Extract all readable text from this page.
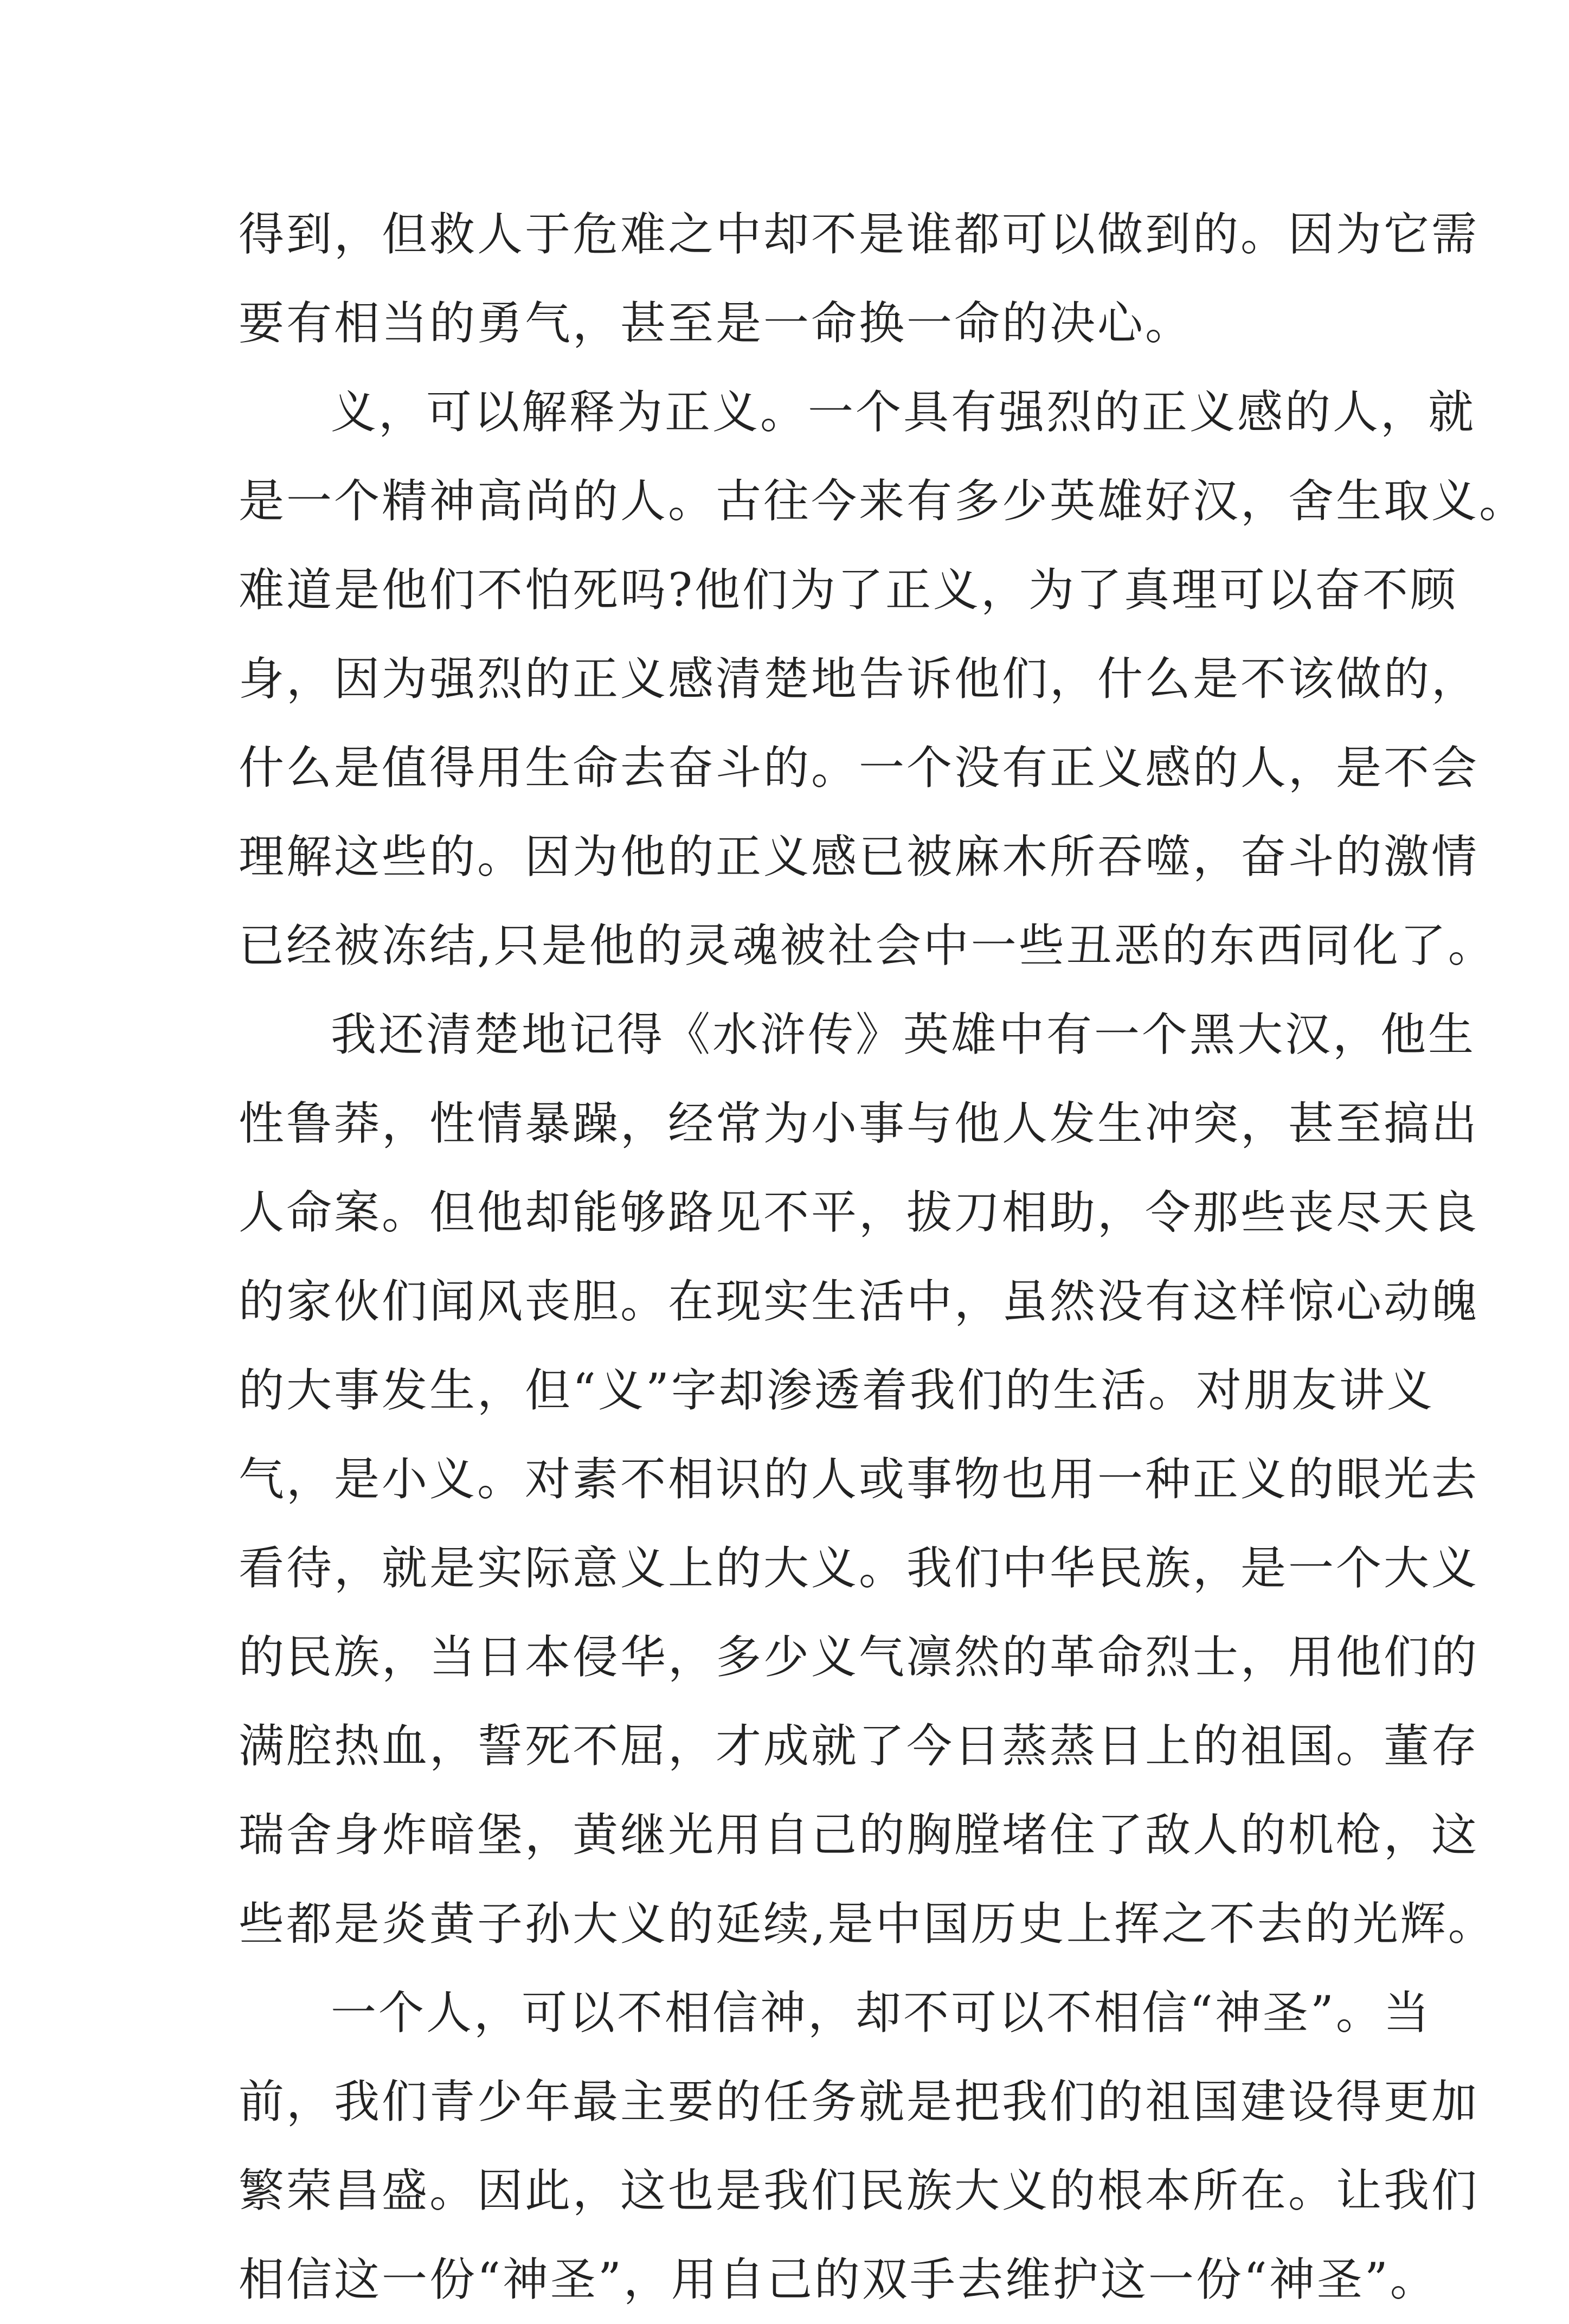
得到，但救人于危难之中却不是谁都可以做到的。因为它需
要有相当的勇气，甚至是一命换一命的决心。
义，可以解释为正义。一个具有强烈的正义感的人，就
是一个精神高尚的人。古往今来有多少英雄好汉，舍生取义。
难道是他们不怕死吗?他们为了正义，为了真理可以奋不顾
身，因为强烈的正义感清楚地告诉他们，什么是不该做的，
什么是值得用生命去奋斗的。一个没有正义感的人，是不会
理解这些的。因为他的正义感已被麻木所吞噬，奋斗的激情
已经被冻结,只是他的灵魂被社会中一些丑恶的东西同化了。
我还清楚地记得《水浒传》英雄中有一个黑大汉，他生
性鲁莽，性情暴躁，经常为小事与他人发生冲突，甚至搞出
人命案。但他却能够路见不平，拔刀相助，令那些丧尽天良
的家伙们闻风丧胆。在现实生活中，虽然没有这样惊心动魄
的大事发生，但“义”字却渗透着我们的生活。对朋友讲义
气，是小义。对素不相识的人或事物也用一种正义的眼光去
看待，就是实际意义上的大义。我们中华民族，是一个大义
的民族，当日本侵华，多少义气凛然的革命烈士，用他们的
满腔热血，誓死不屈，才成就了今日蒸蒸日上的祖国。董存
瑞舍身炸暗堡，黄继光用自己的胸膛堵住了敌人的机枪，这
些都是炎黄子孙大义的延续,是中国历史上挥之不去的光辉。
一个人，可以不相信神，却不可以不相信“神圣”。当
前，我们青少年最主要的任务就是把我们的祖国建设得更加
繁荣昌盛。因此，这也是我们民族大义的根本所在。让我们
相信这一份“神圣”，用自己的双手去维护这一份“神圣”。
